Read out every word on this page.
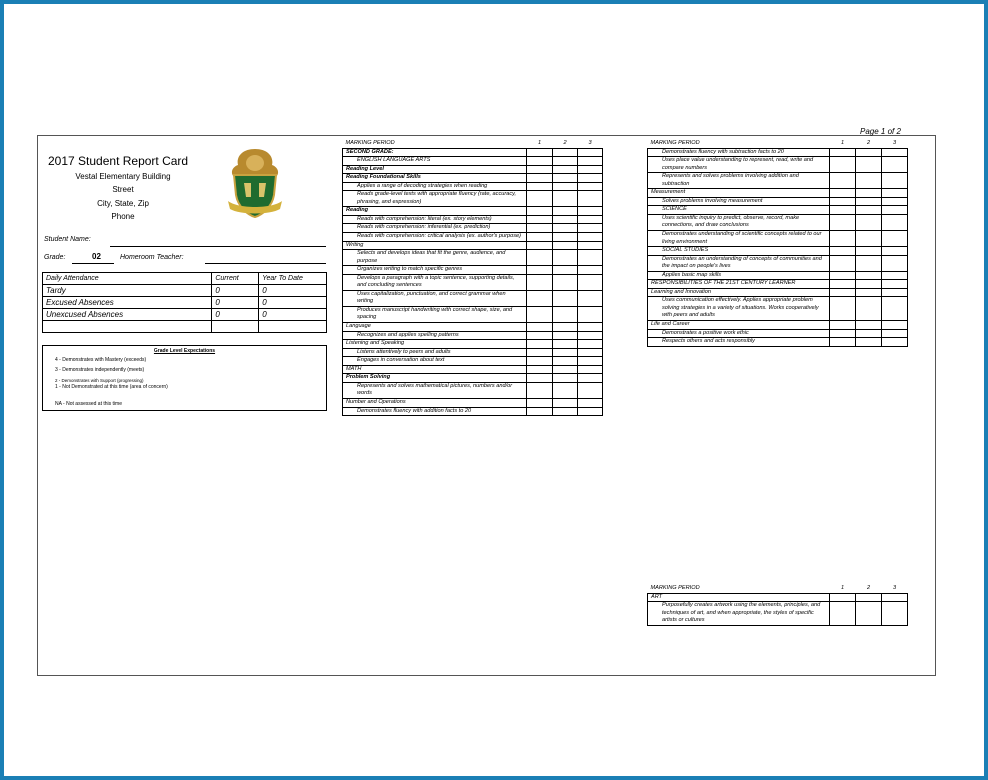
Page 1 of 2
2017 Student Report Card
Vestal Elementary Building
Street
City, State, Zip
Phone
Student Name:
Grade:	02	Homeroom Teacher:
Daily Attendance	Current	Year To Date
Tardy	0	0
Excused Absences	0	0
Unexcused Absences	0	0

Grade Level Expectations
4 - Demonstrates with Mastery (exceeds)
3 - Demonstrates independently (meets)
2 - Demonstrates with Support (progressing)
1 - Not Demonstrated at this time (area of concern)
NA - Not assessed at this time
MARKING PERIOD	1	2	3
SECOND GRADE:			
ENGLISH LANGUAGE ARTS			
Reading Level			
Reading Foundational Skills			
Applies a range of decoding strategies when reading			
Reads grade-level texts with appropriate fluency (rate, accuracy, phrasing, and expression)			
Reading			
Reads with comprehension: literal (ex. story elements)			
Reads with comprehension: inferential (ex. prediction)			
Reads with comprehension: critical analysis (ex. author's purpose)			
Writing			
Selects and develops ideas that fit the genre, audience, and purpose			
Organizes writing to match specific genres			
Develops a paragraph with a topic sentence, supporting details, and concluding sentences			
Uses capitalization, punctuation, and correct grammar when writing			
Produces manuscript handwriting with correct shape, size, and spacing			
Language			
Recognizes and applies spelling patterns			
Listening and Speaking			
Listens attentively to peers and adults			
Engages in conversation about text			
MATH			
Problem Solving			
Represents and solves mathematical pictures, numbers and/or words			
Number and Operations			
Demonstrates fluency with addition facts to 20			
MARKING PERIOD	1	2	3
Demonstrates fluency with subtraction facts to 20			
Uses place value understanding to represent, read, write and compare numbers			
Represents and solves problems involving addition and subtraction			
Measurement			
Solves problems involving measurement			
SCIENCE			
Uses scientific inquiry to predict, observe, record, make connections, and draw conclusions			
Demonstrates understanding of scientific concepts related to our living environment			
SOCIAL STUDIES			
Demonstrates an understanding of concepts of communities and the impact on people's lives			
Applies basic map skills			
RESPONSIBILITIES OF THE 21ST CENTURY LEARNER			
Learning and Innovation			
Uses communication effectively. Applies appropriate problem solving strategies in a variety of situations. Works cooperatively with peers and adults			
Life and Career			
Demonstrates a positive work ethic			
Respects others and acts responsibly			
MARKING PERIOD	1	2	3
ART			
Purposefully creates artwork using the elements, principles, and techniques of art, and when appropriate, the styles of specific artists or cultures			
